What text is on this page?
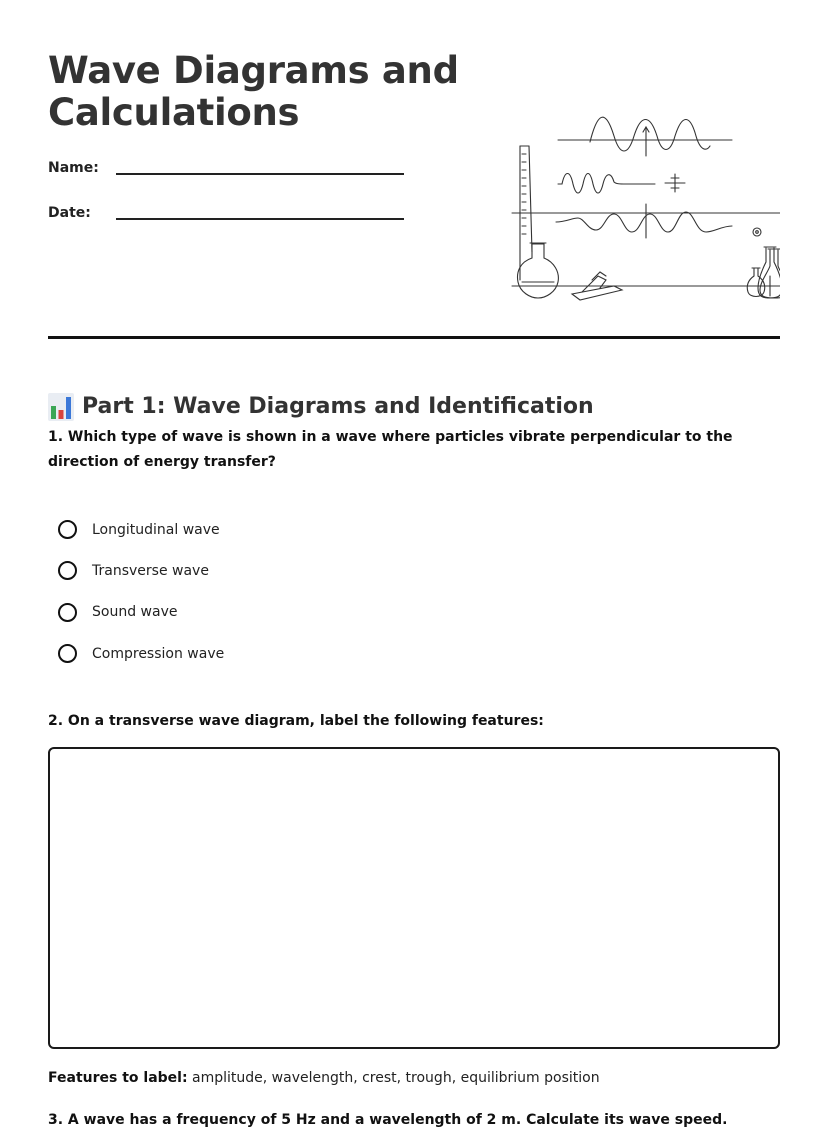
Wave Diagrams and Calculations
Name:
Date:
Part 1: Wave Diagrams and Identification

1. Which type of wave is shown in a wave where particles vibrate perpendicular to the direction of energy transfer?

Longitudinal wave
Transverse wave
Sound wave
Compression wave

2. On a transverse wave diagram, label the following features:

Features to label: amplitude, wavelength, crest, trough, equilibrium position

3. A wave has a frequency of 5 Hz and a wavelength of 2 m. Calculate its wave speed.
